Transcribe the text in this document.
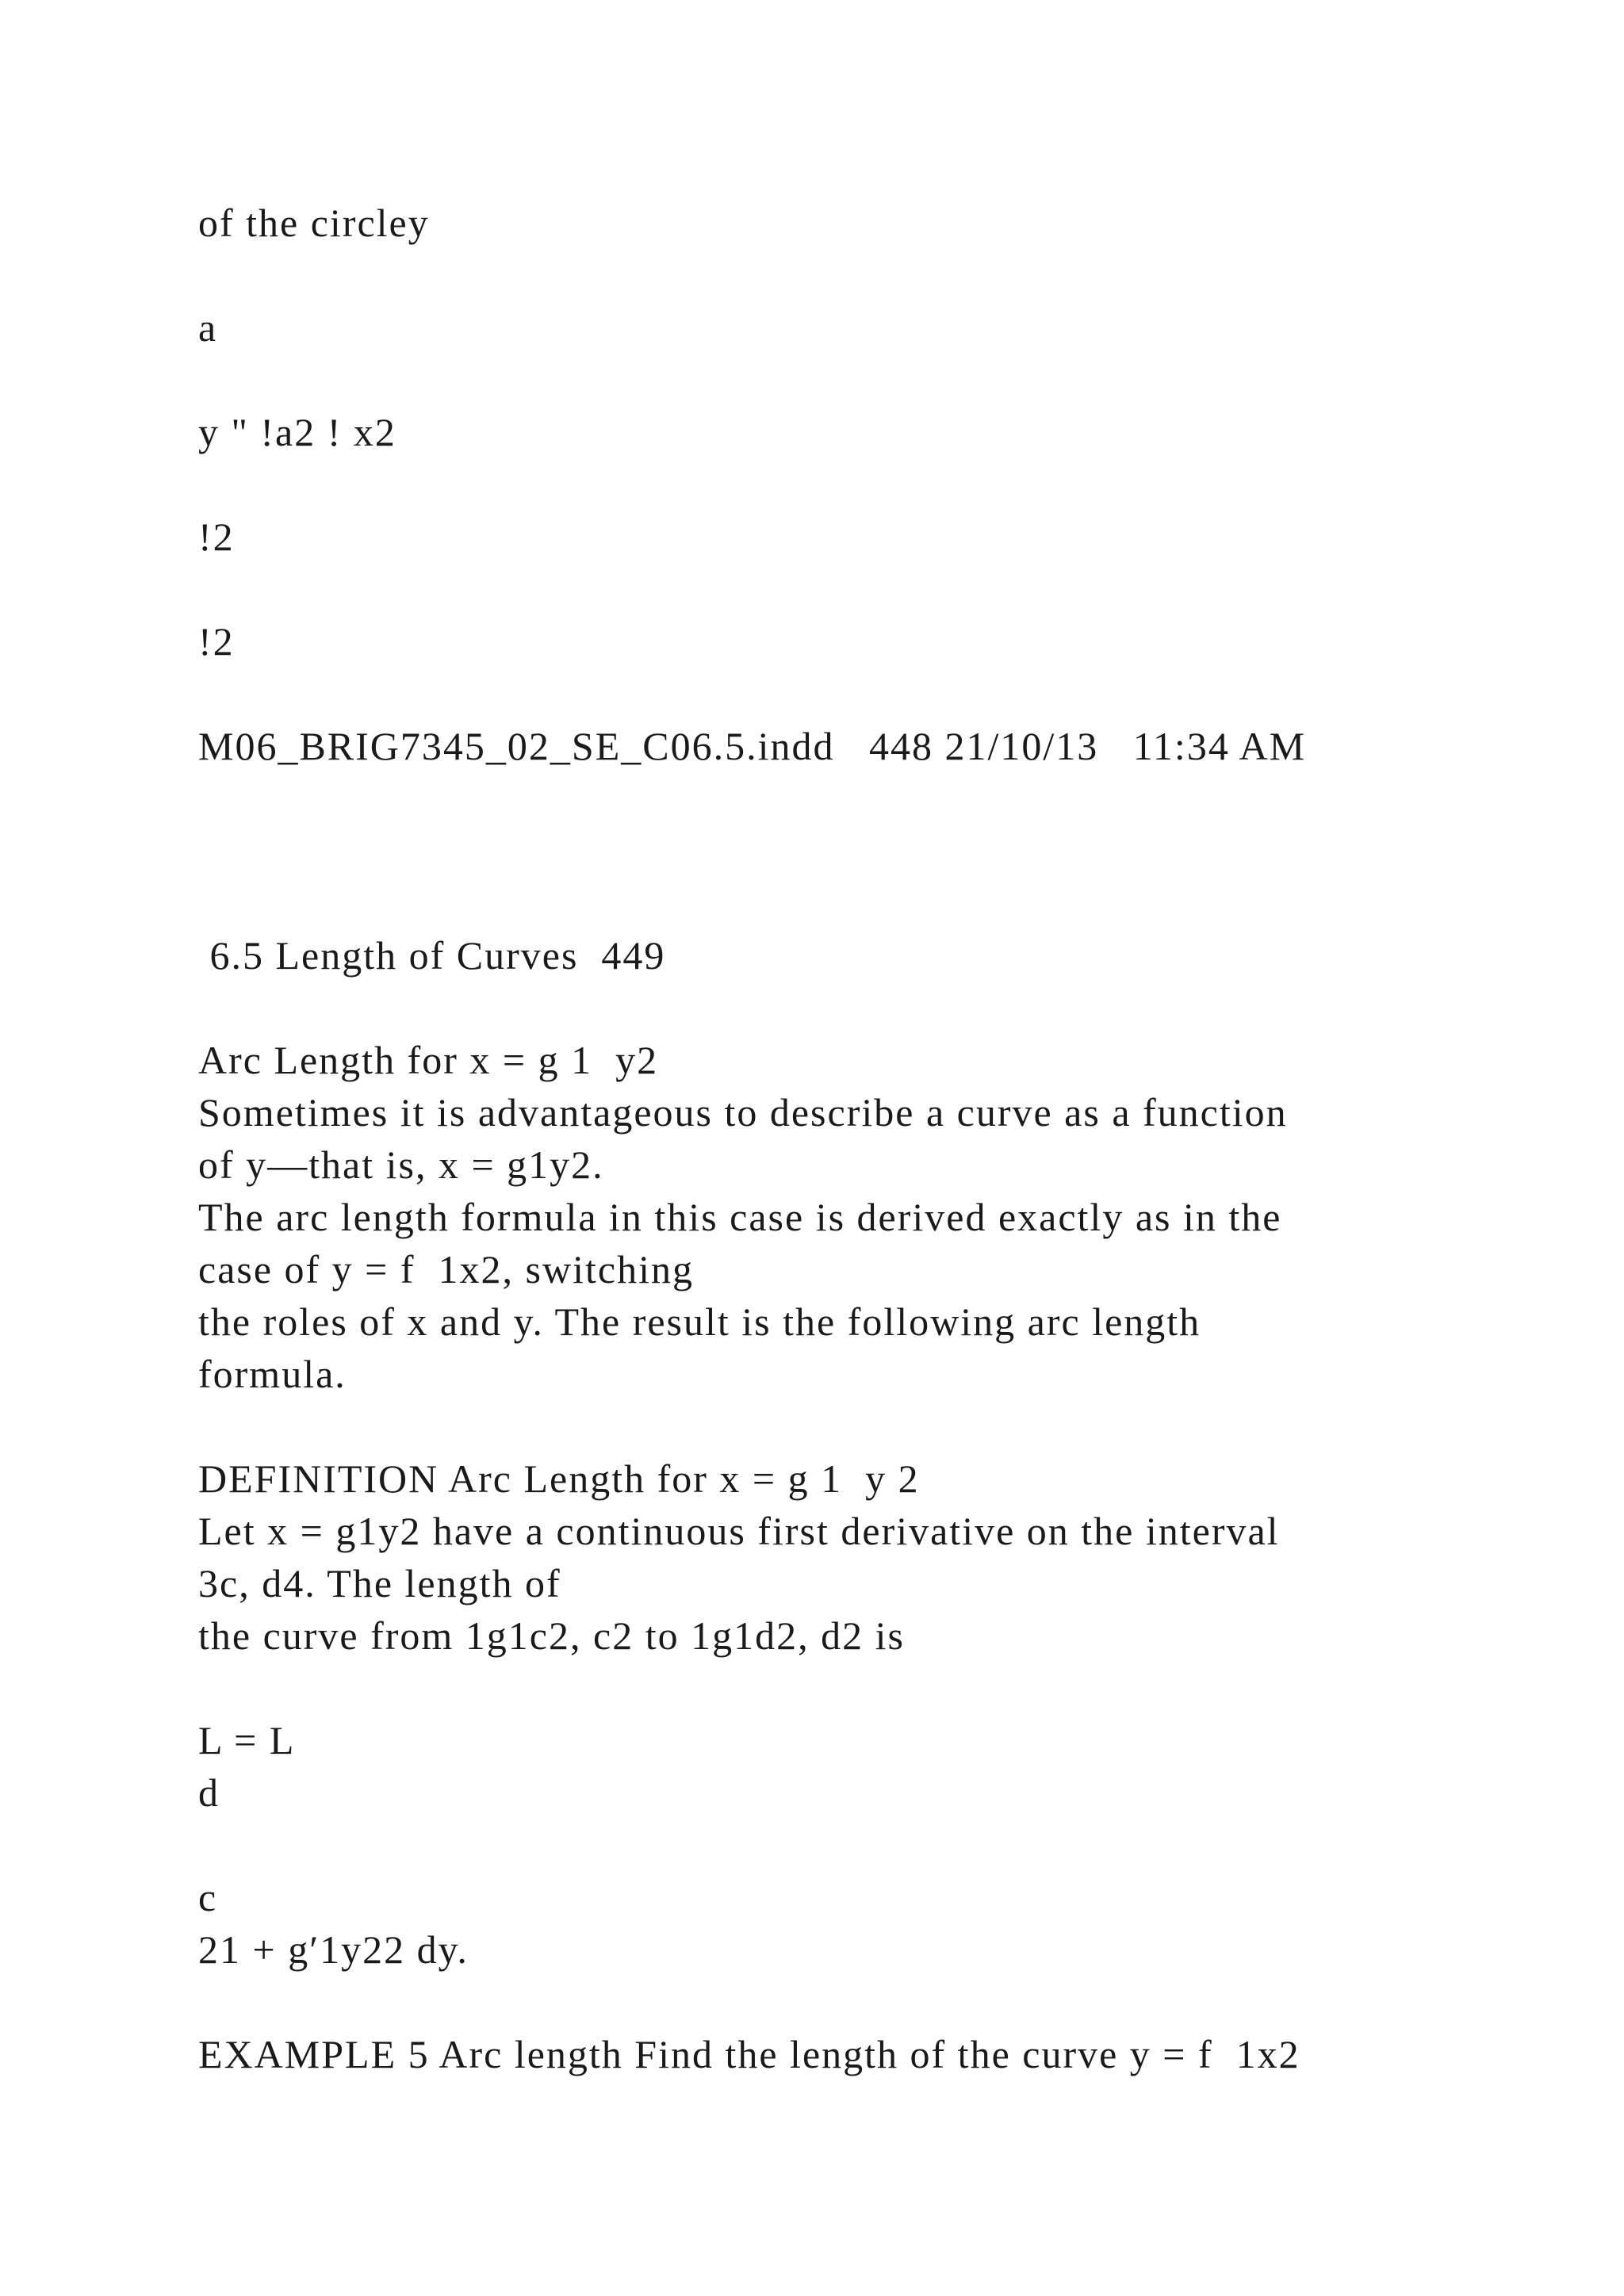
of the circley
a
y " !a2 ! x2
!2
!2
M06_BRIG7345_02_SE_C06.5.indd   448 21/10/13   11:34 AM
6.5 Length of Curves  449
Arc Length for x = g 1  y2
Sometimes it is advantageous to describe a curve as a function
of y—that is, x = g1y2.
The arc length formula in this case is derived exactly as in the
case of y = f  1x2, switching
the roles of x and y. The result is the following arc length
formula.
DEFINITION Arc Length for x = g 1  y 2
Let x = g1y2 have a continuous first derivative on the interval
3c, d4. The length of
the curve from 1g1c2, c2 to 1g1d2, d2 is
L = L
d
c
21 + g′1y22 dy.
EXAMPLE 5 Arc length Find the length of the curve y = f  1x2
